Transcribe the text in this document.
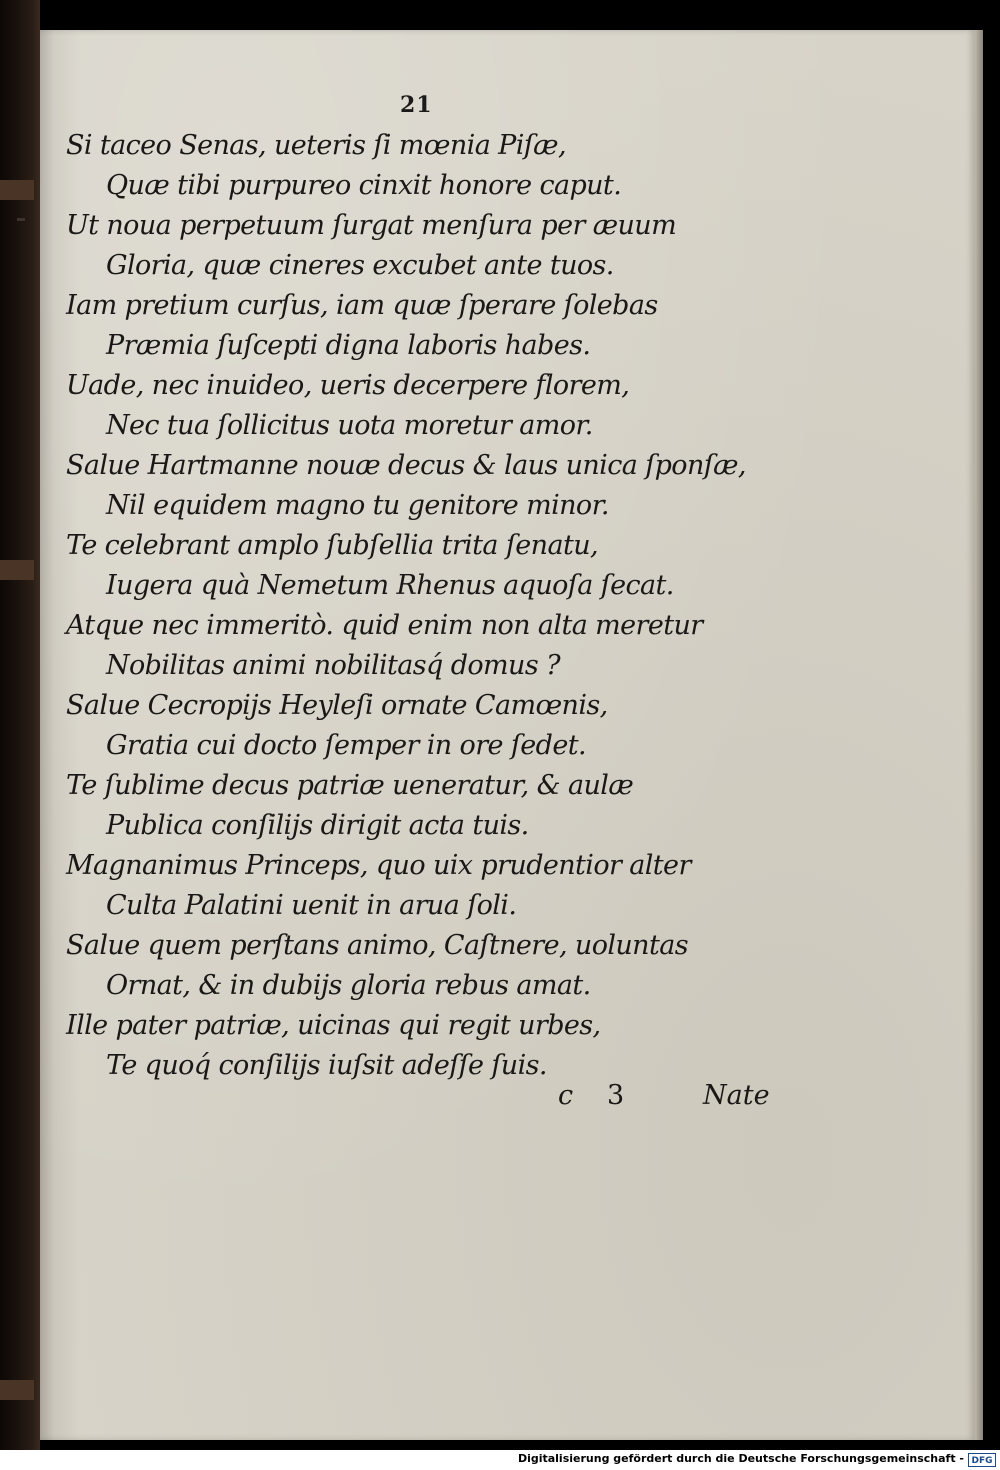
21
Si taceo Senas, ueteris ſi mœnia Piſæ,
Quæ tibi purpureo cinxit honore caput.
Ut noua perpetuum ſurgat menſura per æuum
Gloria, quæ cineres excubet ante tuos.
Iam pretium curſus, iam quæ ſperare ſolebas
Præmia ſuſcepti digna laboris habes.
Uade, nec inuideo, ueris decerpere florem,
Nec tua ſollicitus uota moretur amor.
Salue Hartmanne nouæ decus & laus unica ſponſæ,
Nil equidem magno tu genitore minor.
Te celebrant amplo ſubſellia trita ſenatu,
Iugera quà Nemetum Rhenus aquoſa ſecat.
Atque nec immeritò. quid enim non alta meretur
Nobilitas animi nobilitasq́ domus ?
Salue Cecropijs Heyleſi ornate Camœnis,
Gratia cui docto ſemper in ore ſedet.
Te ſublime decus patriæ ueneratur, & aulæ
Publica conſilijs dirigit acta tuis.
Magnanimus Princeps, quo uix prudentior alter
Culta Palatini uenit in arua ſoli.
Salue quem perſtans animo, Caſtnere, uoluntas
Ornat, & in dubijs gloria rebus amat.
Ille pater patriæ, uicinas qui regit urbes,
Te quoq́ conſilijs iuſsit adeſſe ſuis.
c 3	Nate
Digitalisierung gefördert durch die Deutsche Forschungsgemeinschaft - DFG
